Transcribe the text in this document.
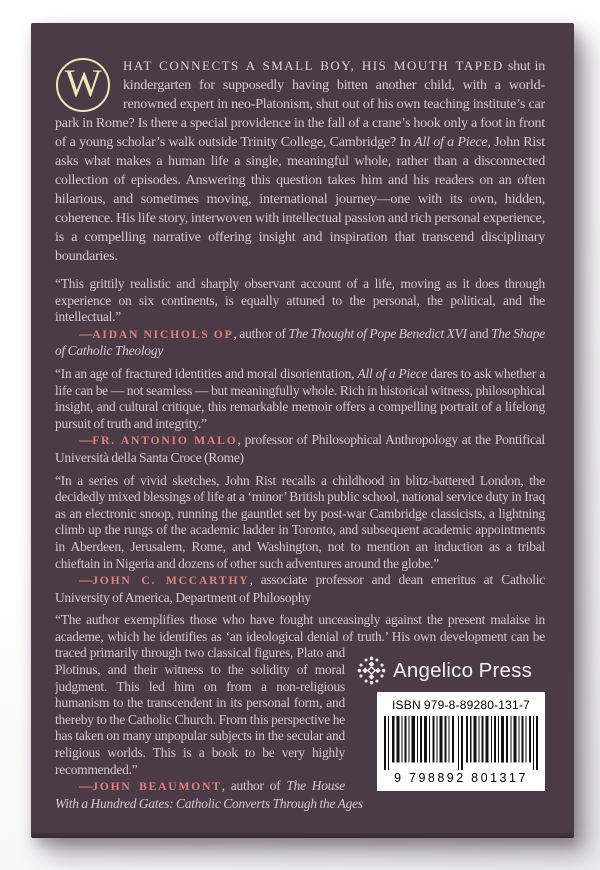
W HAT CONNECTS A SMALL BOY, HIS MOUTH TAPED shut in kindergarten for supposedly having bitten another child, with a world-renowned expert in neo-Platonism, shut out of his own teaching institute’s car park in Rome? Is there a special providence in the fall of a crane’s hook only a foot in front of a young scholar’s walk outside Trinity College, Cambridge? In All of a Piece, John Rist asks what makes a human life a single, meaningful whole, rather than a disconnected collection of episodes. Answering this question takes him and his readers on an often hilarious, and sometimes moving, international journey—one with its own, hidden, coherence. His life story, interwoven with intellectual passion and rich personal experience, is a compelling narrative offering insight and inspiration that transcend disciplinary boundaries.

“This grittily realistic and sharply observant account of a life, moving as it does through experience on six continents, is equally attuned to the personal, the political, and the intellectual.”

—AIDAN NICHOLS OP, author of The Thought of Pope Benedict XVI and The Shape of Catholic Theology

“In an age of fractured identities and moral disorientation, All of a Piece dares to ask whether a life can be — not seamless — but meaningfully whole. Rich in historical witness, philosophical insight, and cultural critique, this remarkable memoir offers a compelling portrait of a lifelong pursuit of truth and integrity.”

—FR. ANTONIO MALO, professor of Philosophical Anthropology at the Pontifical Università della Santa Croce (Rome)

“In a series of vivid sketches, John Rist recalls a childhood in blitz-battered London, the decidedly mixed blessings of life at a ‘minor’ British public school, national service duty in Iraq as an electronic snoop, running the gauntlet set by post-war Cambridge classicists, a lightning climb up the rungs of the academic ladder in Toronto, and subsequent academic appointments in Aberdeen, Jerusalem, Rome, and Washington, not to mention an induction as a tribal chieftain in Nigeria and dozens of other such adventures around the globe.”

—JOHN C. MCCARTHY, associate professor and dean emeritus at Catholic University of America, Department of Philosophy

“The author exemplifies those who have fought unceasingly against the present malaise in academe, which he identifies as ‘an ideological denial of truth.’ His own development can be
Angelico Press
ISBN 979-8-89280-131-7
9 798892 801317
traced primarily through two classical figures, Plato and Plotinus, and their witness to the solidity of moral judgment. This led him on from a non-religious humanism to the transcendent in its personal form, and thereby to the Catholic Church. From this perspective he has taken on many unpopular subjects in the secular and religious worlds. This is a book to be very highly recommended.”

—JOHN BEAUMONT, author of The House With a Hundred Gates: Catholic Converts Through the Ages
